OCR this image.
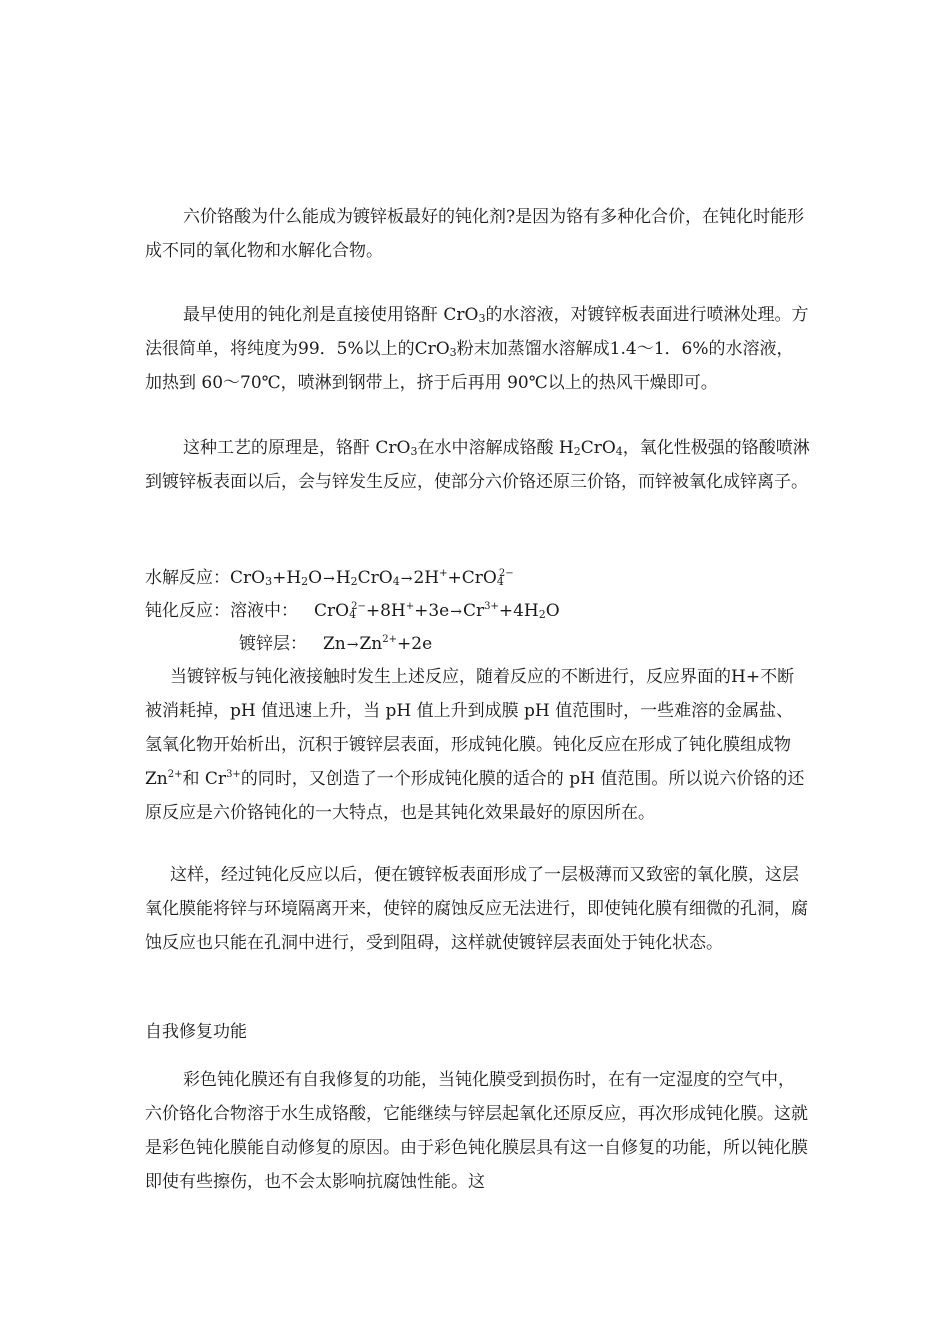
六价铬酸为什么能成为镀锌板最好的钝化剂?是因为铬有多种化合价，在钝化时能形成不同的氧化物和水解化合物。

最早使用的钝化剂是直接使用铬酐 CrO$_3$的水溶液，对镀锌板表面进行喷淋处理。方法很简单，将纯度为99．5%以上的CrO$_3$粉末加蒸馏水溶解成1.4～1．6%的水溶液，加热到 60～70℃，喷淋到钢带上，挤于后再用 90℃以上的热风干燥即可。

这种工艺的原理是，铬酐 CrO$_3$在水中溶解成铬酸 $H_2CrO_4$，氧化性极强的铬酸喷淋到镀锌板表面以后，会与锌发生反应，使部分六价铬还原三价铬，而锌被氧化成锌离子。

水解反应：$CrO_3+H_2O\to H_2CrO_4\to 2H^++CrO_4^{2-}$
钝化反应：溶液中： $CrO_4^{2-}+8H^++3e\to Cr^{3+}+4H_2O$
镀锌层： $Zn\to Zn^{2+}+2e$

当镀锌板与钝化液接触时发生上述反应，随着反应的不断进行，反应界面的H+不断被消耗掉，pH 值迅速上升，当 pH 值上升到成膜 pH 值范围时，一些难溶的金属盐、氢氧化物开始析出，沉积于镀锌层表面，形成钝化膜。钝化反应在形成了钝化膜组成物 $Zn^{2+}$和 $Cr^{3+}$的同时，又创造了一个形成钝化膜的适合的 pH 值范围。所以说六价铬的还原反应是六价铬钝化的一大特点，也是其钝化效果最好的原因所在。

这样，经过钝化反应以后，便在镀锌板表面形成了一层极薄而又致密的氧化膜，这层氧化膜能将锌与环境隔离开来，使锌的腐蚀反应无法进行，即使钝化膜有细微的孔洞，腐蚀反应也只能在孔洞中进行，受到阻碍，这样就使镀锌层表面处于钝化状态。

自我修复功能

彩色钝化膜还有自我修复的功能，当钝化膜受到损伤时，在有一定湿度的空气中，六价铬化合物溶于水生成铬酸，它能继续与锌层起氧化还原反应，再次形成钝化膜。这就是彩色钝化膜能自动修复的原因。由于彩色钝化膜层具有这一自修复的功能，所以钝化膜即使有些擦伤，也不会太影响抗腐蚀性能。这
